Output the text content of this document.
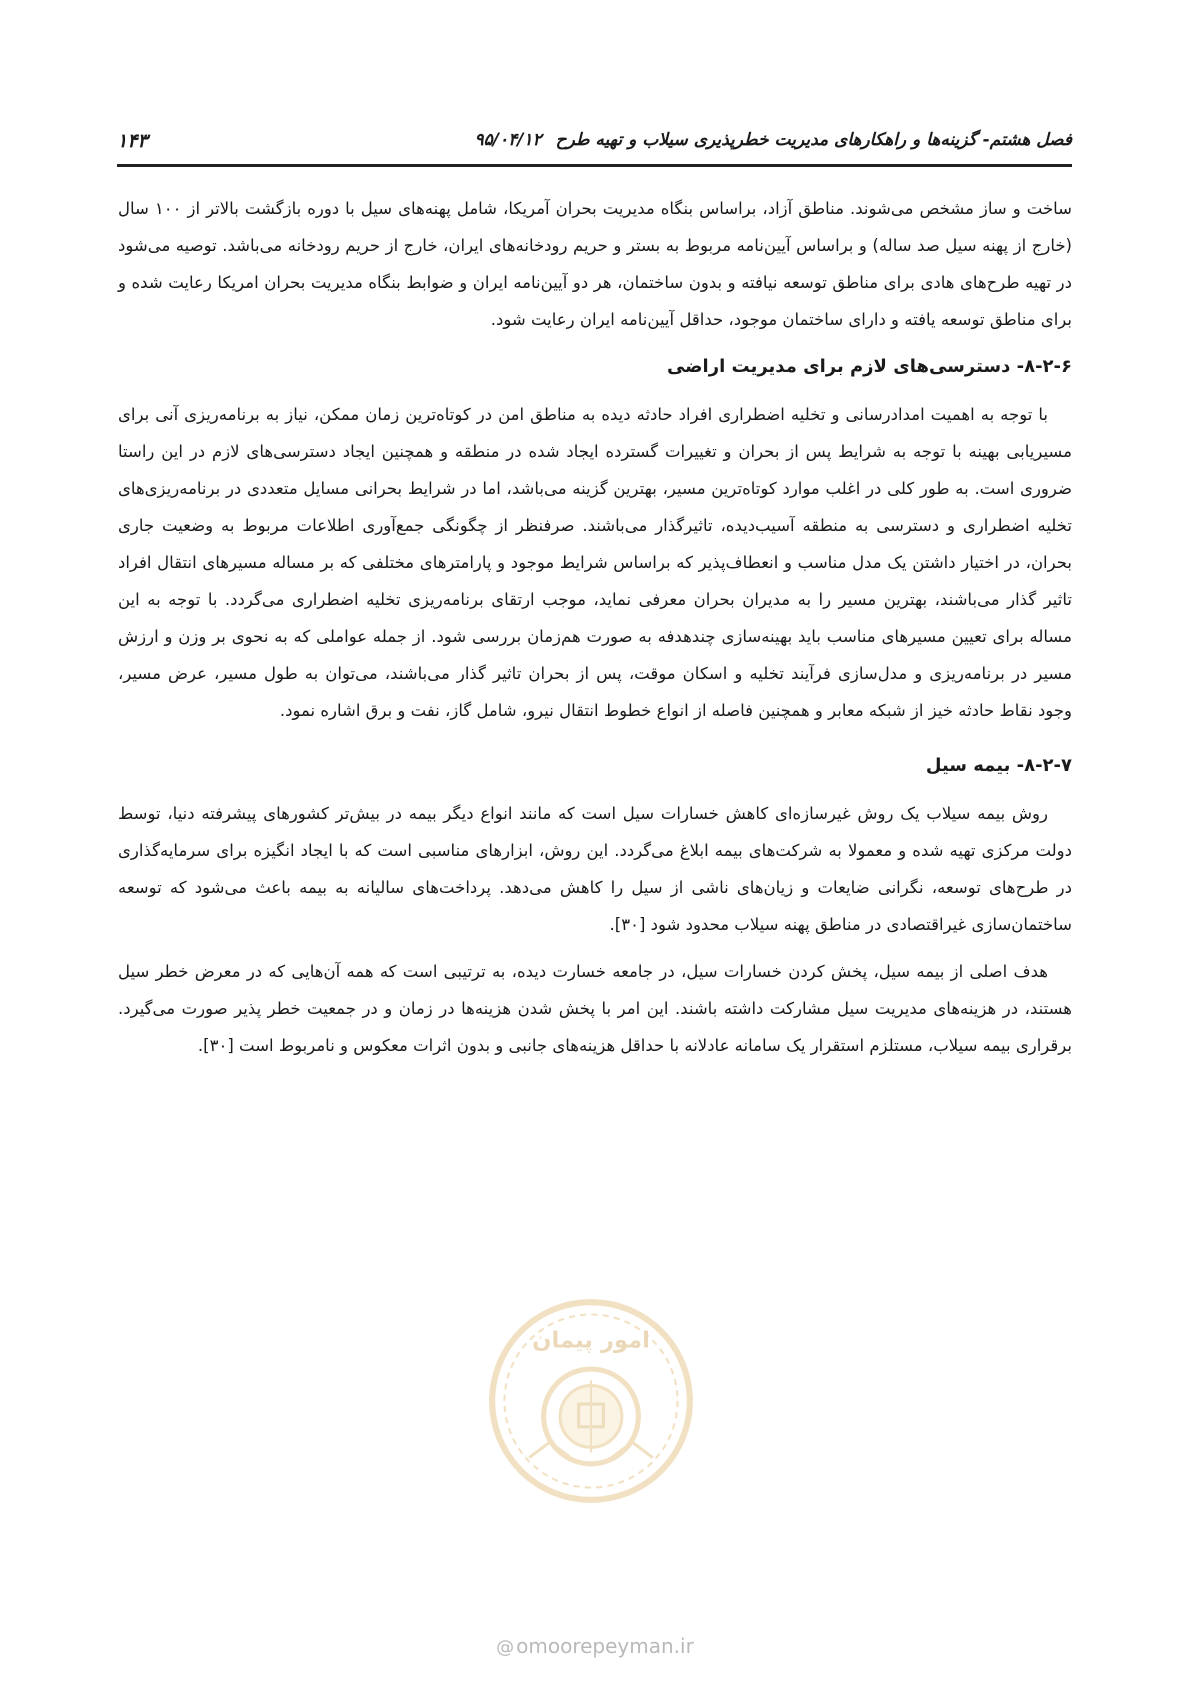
فصل هشتم- گزینه‌ها و راهکارهای مدیریت خطرپذیری سیلاب و تهیه طرح ۹۵/۰۴/۱۲
۱۴۳

ساخت و ساز مشخص می‌شوند. مناطق آزاد، براساس بنگاه مدیریت بحران آمریکا، شامل پهنه‌های سیل با دوره بازگشت بالاتر از ۱۰۰ سال (خارج از پهنه سیل صد ساله) و براساس آیین‌نامه مربوط به بستر و حریم رودخانه‌های ایران، خارج از حریم رودخانه می‌باشد. توصیه می‌شود در تهیه طرح‌های هادی برای مناطق توسعه نیافته و بدون ساختمان، هر دو آیین‌نامه ایران و ضوابط بنگاه مدیریت بحران امریکا رعایت شده و برای مناطق توسعه یافته و دارای ساختمان موجود، حداقل آیین‌نامه ایران رعایت شود.

۸-۲-۶- دسترسی‌های لازم برای مدیریت اراضی

با توجه به اهمیت امدادرسانی و تخلیه اضطراری افراد حادثه دیده به مناطق امن در کوتاه‌ترین زمان ممکن، نیاز به برنامه‌ریزی آنی برای مسیریابی بهینه با توجه به شرایط پس از بحران و تغییرات گسترده ایجاد شده در منطقه و همچنین ایجاد دسترسی‌های لازم در این راستا ضروری است. به طور کلی در اغلب موارد کوتاه‌ترین مسیر، بهترین گزینه می‌باشد، اما در شرایط بحرانی مسایل متعددی در برنامه‌ریزی‌های تخلیه اضطراری و دسترسی به منطقه آسیب‌دیده، تاثیرگذار می‌باشند. صرفنظر از چگونگی جمع‌آوری اطلاعات مربوط به وضعیت جاری بحران، در اختیار داشتن یک مدل مناسب و انعطاف‌پذیر که براساس شرایط موجود و پارامترهای مختلفی که بر مساله مسیرهای انتقال افراد تاثیر گذار می‌باشند، بهترین مسیر را به مدیران بحران معرفی نماید، موجب ارتقای برنامه‌ریزی تخلیه اضطراری می‌گردد. با توجه به این مساله برای تعیین مسیرهای مناسب باید بهینه‌سازی چندهدفه به صورت هم‌زمان بررسی شود. از جمله عواملی که به نحوی بر وزن و ارزش مسیر در برنامه‌ریزی و مدل‌سازی فرآیند تخلیه و اسکان موقت، پس از بحران تاثیر گذار می‌باشند، می‌توان به طول مسیر، عرض مسیر، وجود نقاط حادثه خیز از شبکه معابر و همچنین فاصله از انواع خطوط انتقال نیرو، شامل گاز، نفت و برق اشاره نمود.

۸-۲-۷- بیمه سیل

روش بیمه سیلاب یک روش غیرسازه‌ای کاهش خسارات سیل است که مانند انواع دیگر بیمه در بیش‌تر کشورهای پیشرفته دنیا، توسط دولت مرکزی تهیه شده و معمولا به شرکت‌های بیمه ابلاغ می‌گردد. این روش، ابزارهای مناسبی است که با ایجاد انگیزه برای سرمایه‌گذاری در طرح‌های توسعه، نگرانی ضایعات و زیان‌های ناشی از سیل را کاهش می‌دهد. پرداخت‌های سالیانه به بیمه باعث می‌شود که توسعه ساختمان‌سازی غیراقتصادی در مناطق پهنه سیلاب محدود شود [۳۰].

هدف اصلی از بیمه سیل، پخش کردن خسارات سیل، در جامعه خسارت دیده، به ترتیبی است که همه آن‌هایی که در معرض خطر سیل هستند، در هزینه‌های مدیریت سیل مشارکت داشته باشند. این امر با پخش شدن هزینه‌ها در زمان و در جمعیت خطر پذیر صورت می‌گیرد. برقراری بیمه سیلاب، مستلزم استقرار یک سامانه عادلانه با حداقل هزینه‌های جانبی و بدون اثرات معکوس و نامربوط است [۳۰].

امور پیمان
@ omoorepeyman.ir
